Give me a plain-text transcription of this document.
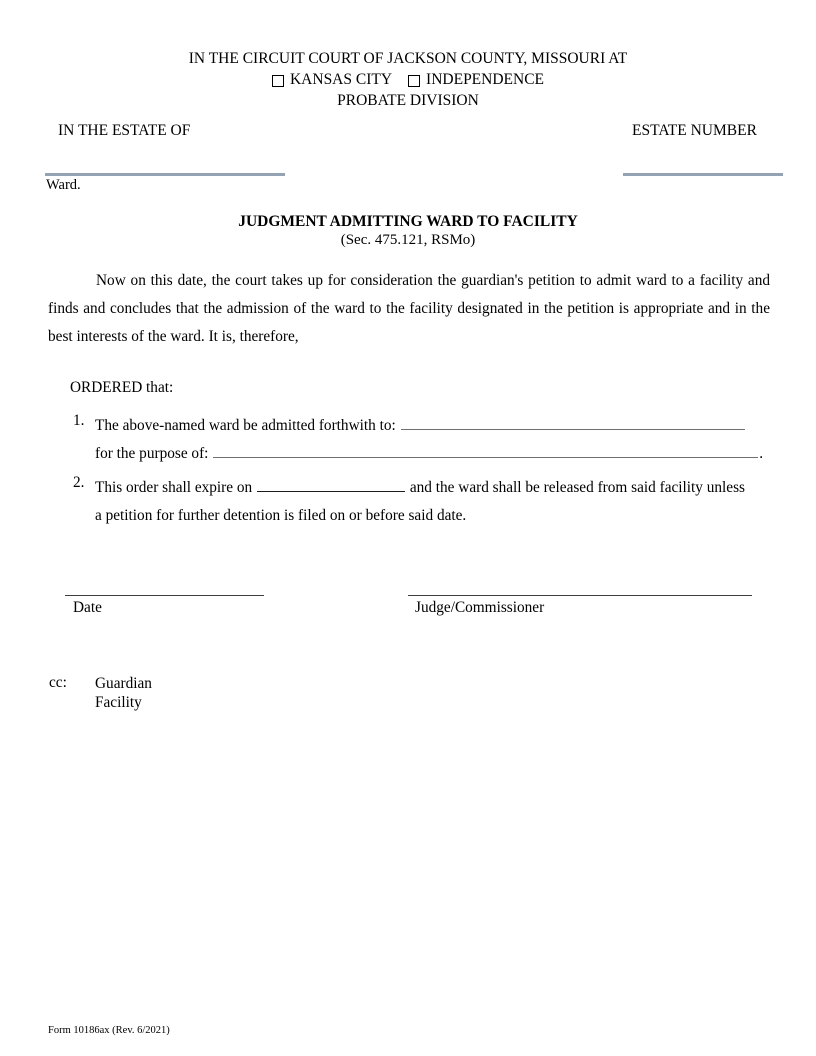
IN THE CIRCUIT COURT OF JACKSON COUNTY, MISSOURI AT
KANSAS CITY INDEPENDENCE
PROBATE DIVISION
IN THE ESTATE OF	ESTATE NUMBER
Ward.
JUDGMENT ADMITTING WARD TO FACILITY
(Sec. 475.121, RSMo)
Now on this date, the court takes up for consideration the guardian's petition to admit ward to a facility and finds and concludes that the admission of the ward to the facility designated in the petition is appropriate and in the best interests of the ward. It is, therefore,
ORDERED that:
1. The above-named ward be admitted forthwith to:
for the purpose of:	.
2. This order shall expire on	and the ward shall be released from said facility unless
a petition for further detention is filed on or before said date.
Date	Judge/Commissioner
cc: Guardian
Facility
Form 10186ax (Rev. 6/2021)
